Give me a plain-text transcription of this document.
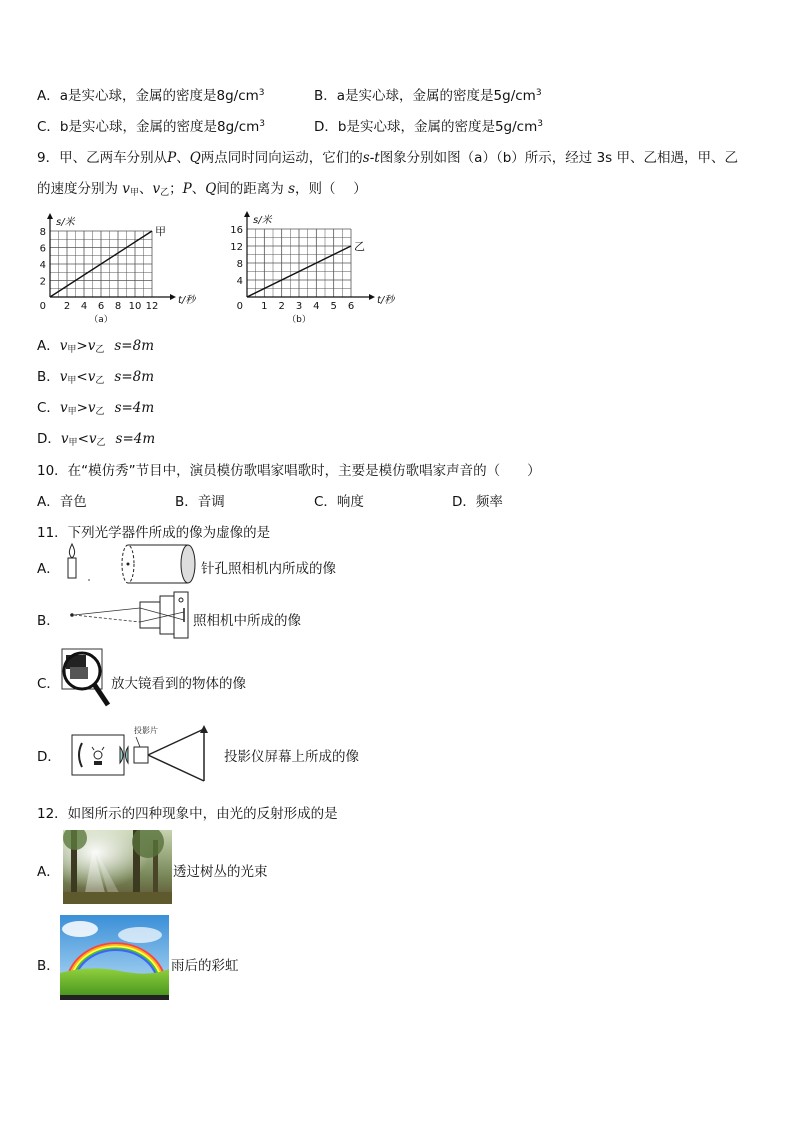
A．a是实心球，金属的密度是$8g/cm^3$	B．a是实心球，金属的密度是$5g/cm^3$
C．b是实心球，金属的密度是$8g/cm^3$	D．b是实心球，金属的密度是$5g/cm^3$
9．甲、乙两车分别从P、Q两点同时同向运动，它们的s-t图象分别如图（a）（b）所示，经过 3s 甲、乙相遇，甲、乙
的速度分别为 $v_甲$、$v_乙$；P、Q间的距离为 s，则（　 ）
2
4
6
8
0 2 4 6 8 10 12
s/米
t/秒
甲
（a）
4
8
12
16
0 1 2 3 4 5 6
s/米
t/秒
乙
（b）
A．$v_甲>v_乙$ s=8m
B．$v_甲<v_乙$ s=8m
C．$v_甲>v_乙$ s=4m
D．$v_甲<v_乙$ s=4m
10．在“模仿秀”节目中，演员模仿歌唱家唱歌时，主要是模仿歌唱家声音的（　　）
A．音色	B．音调	C．响度	D．频率
11．下列光学器件所成的像为虚像的是
A．	针孔照相机内所成的像
B．	照相机中所成的像
C．	放大镜看到的物体的像
D．
投影片
投影仪屏幕上所成的像
12．如图所示的四种现象中，由光的反射形成的是
A．	透过树丛的光束
B．	雨后的彩虹
